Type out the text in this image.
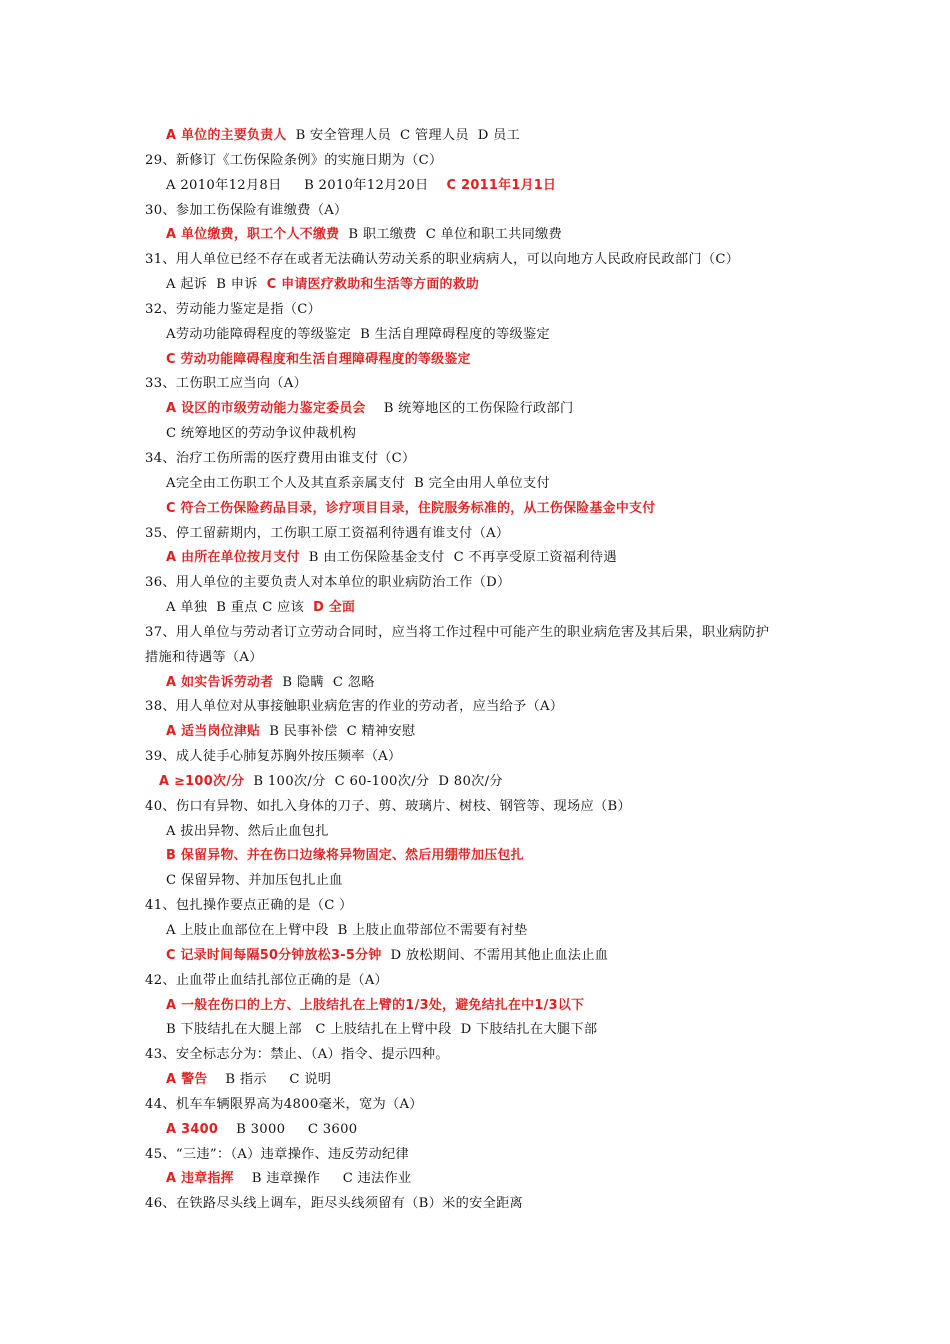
A 单位的主要负责人  B 安全管理人员  C 管理人员  D 员工
29、新修订《工伤保险条例》的实施日期为（C）
A 2010年12月8日     B 2010年12月20日    C 2011年1月1日
30、参加工伤保险有谁缴费（A）
A 单位缴费，职工个人不缴费  B 职工缴费  C 单位和职工共同缴费
31、用人单位已经不存在或者无法确认劳动关系的职业病病人，可以向地方人民政府民政部门（C）
A 起诉  B 申诉  C 申请医疗救助和生活等方面的救助
32、劳动能力鉴定是指（C）
A劳动功能障碍程度的等级鉴定  B 生活自理障碍程度的等级鉴定
C 劳动功能障碍程度和生活自理障碍程度的等级鉴定
33、工伤职工应当向（A）
A 设区的市级劳动能力鉴定委员会    B 统筹地区的工伤保险行政部门
C 统筹地区的劳动争议仲裁机构
34、治疗工伤所需的医疗费用由谁支付（C）
A完全由工伤职工个人及其直系亲属支付  B 完全由用人单位支付
C 符合工伤保险药品目录，诊疗项目目录，住院服务标准的，从工伤保险基金中支付
35、停工留薪期内，工伤职工原工资福利待遇有谁支付（A）
A 由所在单位按月支付  B 由工伤保险基金支付  C 不再享受原工资福利待遇
36、用人单位的主要负责人对本单位的职业病防治工作（D）
A 单独  B 重点 C 应该  D 全面
37、用人单位与劳动者订立劳动合同时，应当将工作过程中可能产生的职业病危害及其后果，职业病防护
措施和待遇等（A）
A 如实告诉劳动者  B 隐瞒  C 忽略
38、用人单位对从事接触职业病危害的作业的劳动者，应当给予（A）
A 适当岗位津贴  B 民事补偿  C 精神安慰
39、成人徒手心肺复苏胸外按压频率（A）
A ≥100次/分  B 100次/分  C 60-100次/分  D 80次/分
40、伤口有异物、如扎入身体的刀子、剪、玻璃片、树枝、钢管等、现场应（B）
A 拔出异物、然后止血包扎
B 保留异物、并在伤口边缘将异物固定、然后用绷带加压包扎
C 保留异物、并加压包扎止血
41、包扎操作要点正确的是（C ）
A 上肢止血部位在上臂中段  B 上肢止血带部位不需要有衬垫
C 记录时间每隔50分钟放松3-5分钟  D 放松期间、不需用其他止血法止血
42、止血带止血结扎部位正确的是（A）
A 一般在伤口的上方、上肢结扎在上臂的1/3处，避免结扎在中1/3以下
B 下肢结扎在大腿上部   C 上肢结扎在上臂中段  D 下肢结扎在大腿下部
43、安全标志分为：禁止、（A）指令、提示四种。
A 警告    B 指示     C 说明
44、机车车辆限界高为4800毫米，宽为（A）
A 3400    B 3000     C 3600
45、“三违”：（A）违章操作、违反劳动纪律
A 违章指挥    B 违章操作     C 违法作业
46、在铁路尽头线上调车，距尽头线须留有（B）米的安全距离
